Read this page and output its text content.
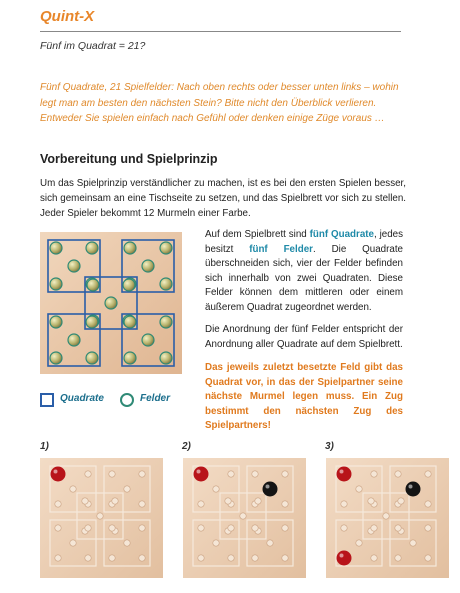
Quint-X
Fünf im Quadrat = 21?
Fünf Quadrate, 21 Spielfelder: Nach oben rechts oder besser unten links – wohin legt man am besten den nächsten Stein? Bitte nicht den Überblick verlieren. Entweder Sie spielen einfach nach Gefühl oder denken einige Züge voraus …
Vorbereitung und Spielprinzip
Um das Spielprinzip verständlicher zu machen, ist es bei den ersten Spielen besser, sich gemeinsam an eine Tischseite zu setzen, und das Spielbrett vor sich zu stellen. Jeder Spieler bekommt 12 Murmeln einer Farbe.
Quadrate	Felder
Auf dem Spielbrett sind fünf Quadrate, jedes besitzt fünf Felder. Die Quadrate überschneiden sich, vier der Felder befinden sich innerhalb von zwei Quadraten. Diese Felder können dem mittleren oder einem äußerem Quadrat zugeordnet werden.
Die Anordnung der fünf Felder entspricht der Anordnung aller Quadrate auf dem Spielbrett.
Das jeweils zuletzt besetzte Feld gibt das Quadrat vor, in das der Spielpartner seine nächste Murmel legen muss. Ein Zug bestimmt den nächsten Zug des Spielpartners!
1)	2)	3)
